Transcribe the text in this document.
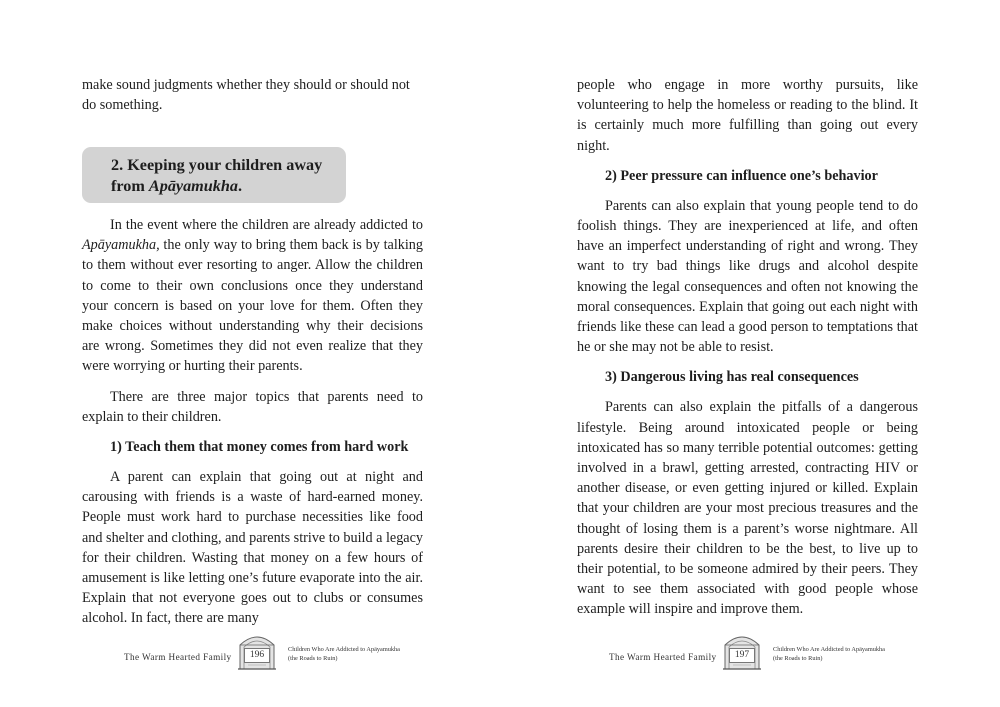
make sound judgments whether they should or should not do something.

2. Keeping your children away
from Apāyamukha.

In the event where the children are already addicted to Apāyamukha, the only way to bring them back is by talking to them without ever resorting to anger. Allow the children to come to their own conclusions once they understand your concern is based on your love for them. Often they make choices without understanding why their decisions are wrong. Sometimes they did not even realize that they were worrying or hurting their parents.

There are three major topics that parents need to explain to their children.

1) Teach them that money comes from hard work

A parent can explain that going out at night and carousing with friends is a waste of hard-earned money. People must work hard to purchase necessities like food and shelter and clothing, and parents strive to build a legacy for their children. Wasting that money on a few hours of amusement is like letting one’s future evaporate into the air. Explain that not everyone goes out to clubs or consumes alcohol. In fact, there are many

The Warm Hearted Family	196
Children Who Are Addicted to Apāyamukha
(the Roads to Ruin)

people who engage in more worthy pursuits, like volunteering to help the homeless or reading to the blind. It is certainly much more fulfilling than going out every night.

2) Peer pressure can influence one’s behavior

Parents can also explain that young people tend to do foolish things. They are inexperienced at life, and often have an imperfect understanding of right and wrong. They want to try bad things like drugs and alcohol despite knowing the legal consequences and often not knowing the moral consequences. Explain that going out each night with friends like these can lead a good person to temptations that he or she may not be able to resist.

3) Dangerous living has real consequences

Parents can also explain the pitfalls of a dangerous lifestyle. Being around intoxicated people or being intoxicated has so many terrible potential outcomes: getting involved in a brawl, getting arrested, contracting HIV or another disease, or even getting injured or killed. Explain that your children are your most precious treasures and the thought of losing them is a parent’s worse nightmare. All parents desire their children to be the best, to live up to their potential, to be someone admired by their peers. They want to see them associated with good people whose example will inspire and improve them.

The Warm Hearted Family	197
Children Who Are Addicted to Apāyamukha
(the Roads to Ruin)
